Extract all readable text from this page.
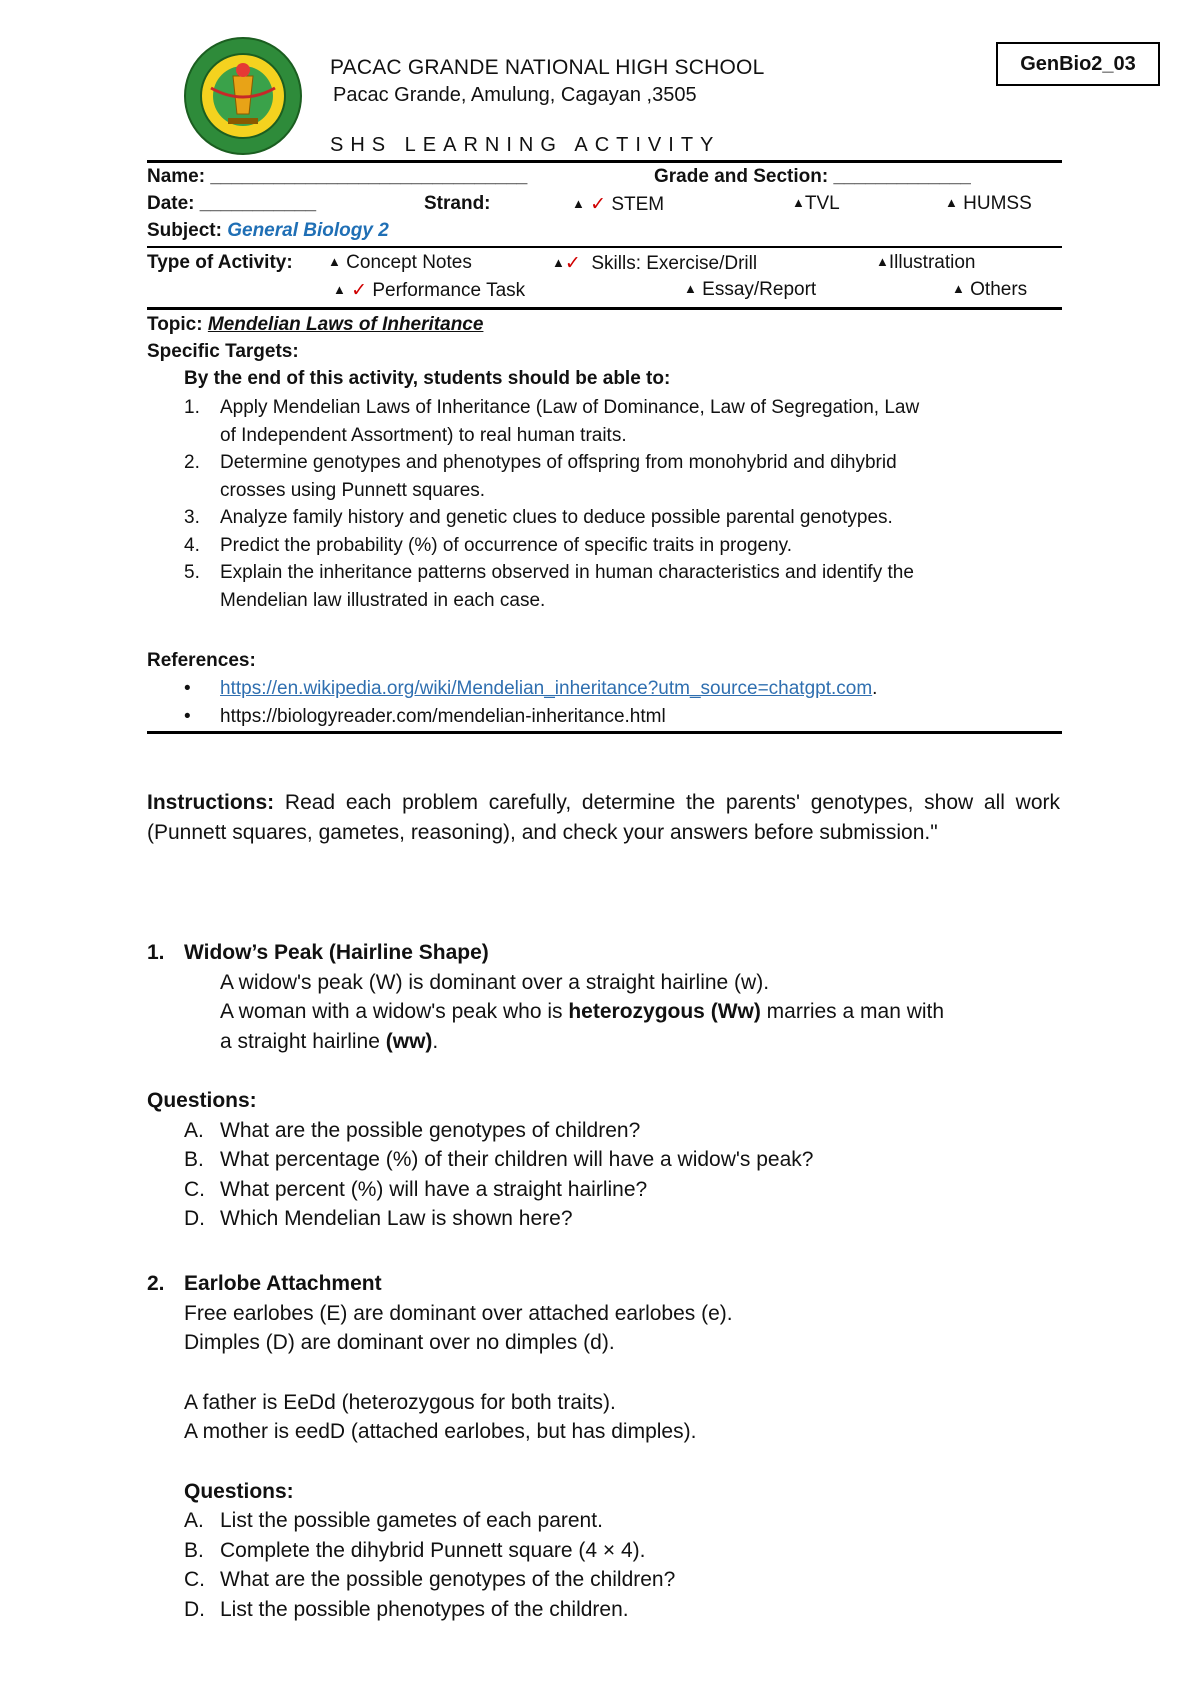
PACAC GRANDE NATIONAL HIGH SCHOOL
Pacac Grande, Amulung, Cagayan ,3505
SHS LEARNING ACTIVITY
GenBio2_03
Name: ______________________________	Grade and Section: _____________
Date: ___________	Strand:	▲ ✓ STEM	▲TVL	▲ HUMSS
Subject: General Biology 2
Type of Activity:	▲ Concept Notes	▲✓ Skills: Exercise/Drill	▲Illustration
▲ ✓ Performance Task	▲ Essay/Report	▲ Others
Topic: Mendelian Laws of Inheritance
Specific Targets:
By the end of this activity, students should be able to:
1. Apply Mendelian Laws of Inheritance (Law of Dominance, Law of Segregation, Law
of Independent Assortment) to real human traits.
2. Determine genotypes and phenotypes of offspring from monohybrid and dihybrid
crosses using Punnett squares.
3. Analyze family history and genetic clues to deduce possible parental genotypes.
4. Predict the probability (%) of occurrence of specific traits in progeny.
5. Explain the inheritance patterns observed in human characteristics and identify the
Mendelian law illustrated in each case.
References:
• https://en.wikipedia.org/wiki/Mendelian_inheritance?utm_source=chatgpt.com.
• https://biologyreader.com/mendelian-inheritance.html
Instructions: Read each problem carefully, determine the parents' genotypes, show all work (Punnett squares, gametes, reasoning), and check your answers before submission."
1. Widow’s Peak (Hairline Shape)
A widow's peak (W) is dominant over a straight hairline (w).
A woman with a widow's peak who is heterozygous (Ww) marries a man with
a straight hairline (ww).
Questions:
A. What are the possible genotypes of children?
B. What percentage (%) of their children will have a widow's peak?
C. What percent (%) will have a straight hairline?
D. Which Mendelian Law is shown here?
2. Earlobe Attachment
Free earlobes (E) are dominant over attached earlobes (e).
Dimples (D) are dominant over no dimples (d).
A father is EeDd (heterozygous for both traits).
A mother is eedD (attached earlobes, but has dimples).
Questions:
A. List the possible gametes of each parent.
B. Complete the dihybrid Punnett square (4 × 4).
C. What are the possible genotypes of the children?
D. List the possible phenotypes of the children.
